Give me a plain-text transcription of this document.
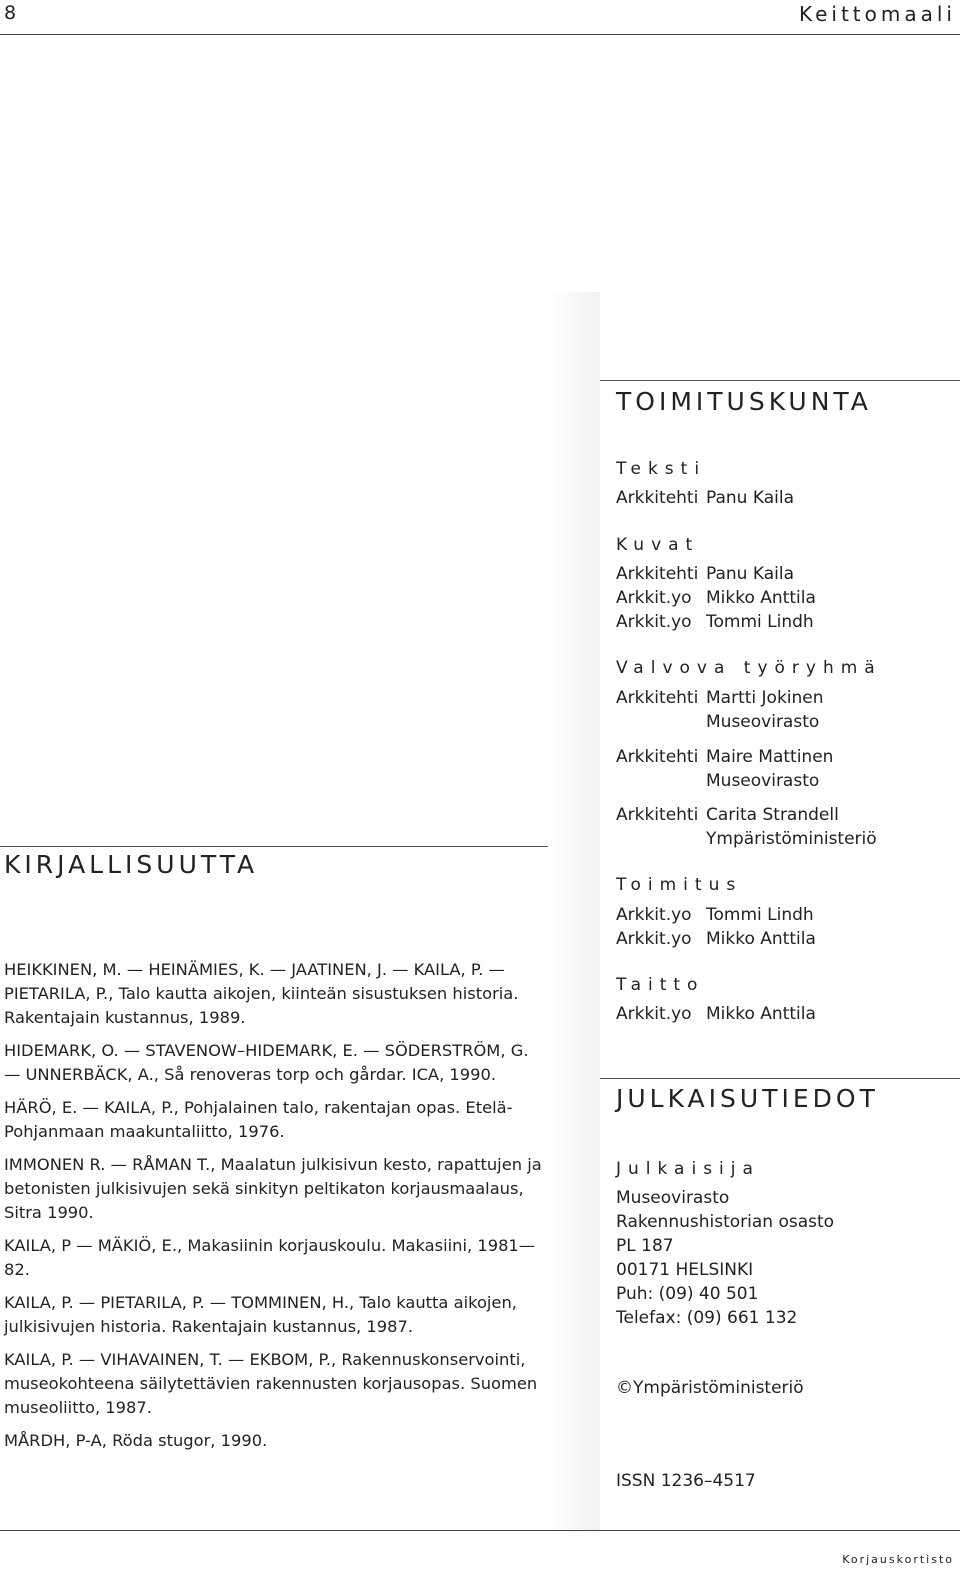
8	Keittomaali
KIRJALLISUUTTA
HEIKKINEN, M. — HEINÄMIES, K. — JAATINEN, J. — KAILA, P. — PIETARILA, P., Talo kautta aikojen, kiinteän sisustuksen historia. Rakentajain kustannus, 1989.
HIDEMARK, O. — STAVENOW–HIDEMARK, E. — SÖDERSTRÖM, G. — UNNERBÄCK, A., Så renoveras torp och gårdar. ICA, 1990.
HÄRÖ, E. — KAILA, P., Pohjalainen talo, rakentajan opas. Etelä-Pohjanmaan maakuntaliitto, 1976.
IMMONEN R. — RÅMAN T., Maalatun julkisivun kesto, rapattujen ja betonisten julkisivujen sekä sinkityn peltikaton korjausmaalaus, Sitra 1990.
KAILA, P — MÄKIÖ, E., Makasiinin korjauskoulu. Makasiini, 1981—82.
KAILA, P. — PIETARILA, P. — TOMMINEN, H., Talo kautta aikojen, julkisivujen historia. Rakentajain kustannus, 1987.
KAILA, P. — VIHAVAINEN, T. — EKBOM, P., Rakennuskonservointi, museokohteena säilytettävien rakennusten korjausopas. Suomen museoliitto, 1987.
MÅRDH, P-A, Röda stugor, 1990.
TOIMITUSKUNTA
Teksti
Arkkitehti Panu Kaila
Kuvat
Arkkitehti Panu Kaila
Arkkit.yo Mikko Anttila
Arkkit.yo Tommi Lindh
Valvova työryhmä
Arkkitehti Martti Jokinen
Museovirasto
Arkkitehti Maire Mattinen
Museovirasto
Arkkitehti Carita Strandell
Ympäristöministeriö
Toimitus
Arkkit.yo Tommi Lindh
Arkkit.yo Mikko Anttila
Taitto
Arkkit.yo Mikko Anttila
JULKAISUTIEDOT
Julkaisija
Museovirasto
Rakennushistorian osasto
PL 187
00171 HELSINKI
Puh: (09) 40 501
Telefax: (09) 661 132
©Ympäristöministeriö
ISSN 1236–4517
Korjauskortisto
